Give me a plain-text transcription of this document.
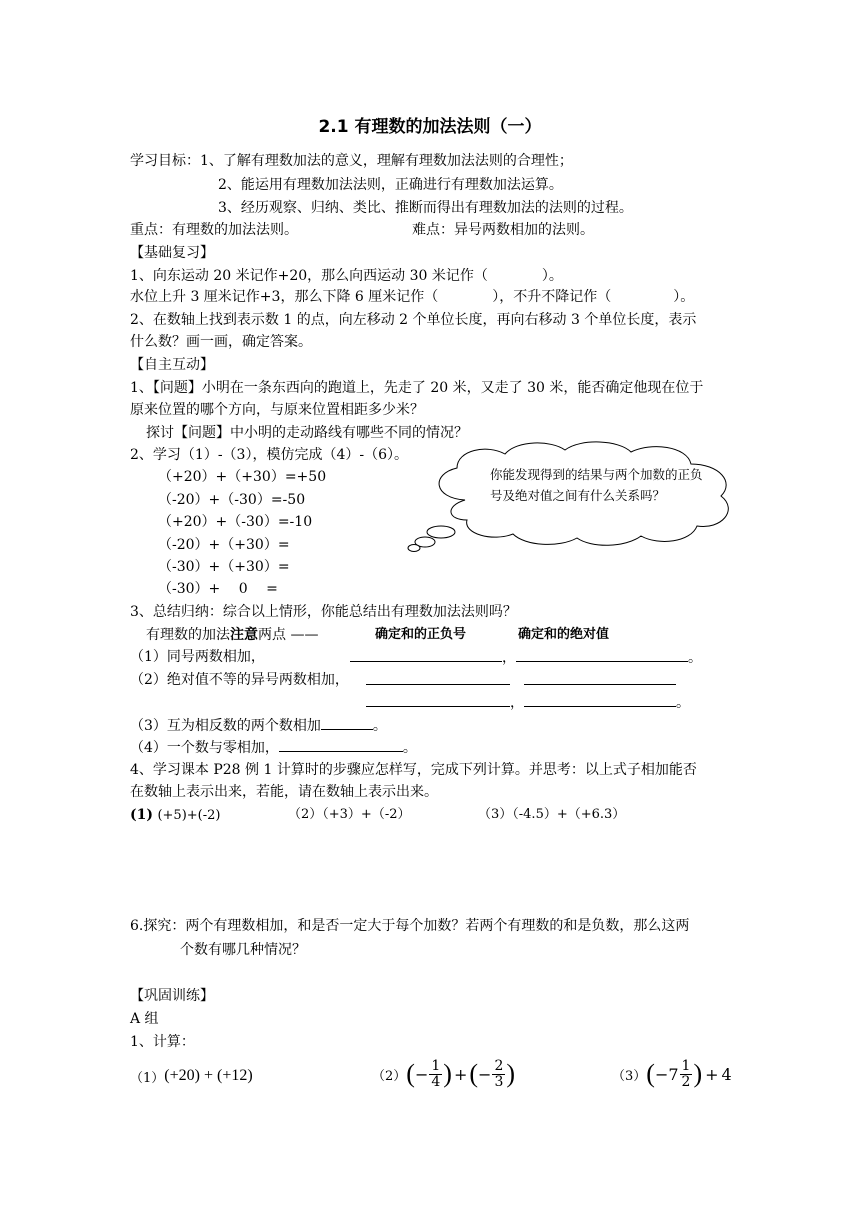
2.1 有理数的加法法则（一）
学习目标：1、了解有理数加法的意义，理解有理数加法法则的合理性；
2、能运用有理数加法法则，正确进行有理数加法运算。
3、经历观察、归纳、类比、推断而得出有理数加法的法则的过程。
重点：有理数的加法法则。	难点：异号两数相加的法则。
【基础复习】
1、向东运动 20 米记作+20，那么向西运动 30 米记作（	）。
水位上升 3 厘米记作+3，那么下降 6 厘米记作（	），不升不降记作（	）。
2、在数轴上找到表示数 1 的点，向左移动 2 个单位长度，再向右移动 3 个单位长度，表示
什么数？画一画，确定答案。
【自主互动】
1、【问题】小明在一条东西向的跑道上，先走了 20 米，又走了 30 米，能否确定他现在位于
原来位置的哪个方向，与原来位置相距多少米？
探讨【问题】中小明的走动路线有哪些不同的情况？
2、学习（1）-（3），模仿完成（4）-（6）。
（+20）+（+30）=+50
（-20）+（-30）=-50
（+20）+（-30）=-10
（-20）+（+30）=
（-30）+（+30）=
（-30）+　 0 　=
你能发现得到的结果与两个加数的正负号及绝对值之间有什么关系吗？
3、总结归纳：综合以上情形，你能总结出有理数加法法则吗？
有理数的加法注意两点 ——	确定和的正负号	确定和的绝对值
（1）同号两数相加，	，	。
（2）绝对值不等的异号两数相加，
，	。
（3）互为相反数的两个数相加	。
（4）一个数与零相加，	。
4、学习课本 P28 例 1 计算时的步骤应怎样写，完成下列计算。并思考：以上式子相加能否
在数轴上表示出来，若能，请在数轴上表示出来。
(1) (+5)+(-2)	（2）（+3）+（-2）	（3）（-4.5）+（+6.3）
6.探究：两个有理数相加，和是否一定大于每个加数？若两个有理数的和是负数，那么这两
个数有哪几种情况？
【巩固训练】
A 组
1、计算：
（1） (+20) + (+12)	（2） ( − $\frac{1}{4}$ ) + ( − $\frac{2}{3}$ )	（3） ( − $7 \frac{1}{2}$ ) + 4
